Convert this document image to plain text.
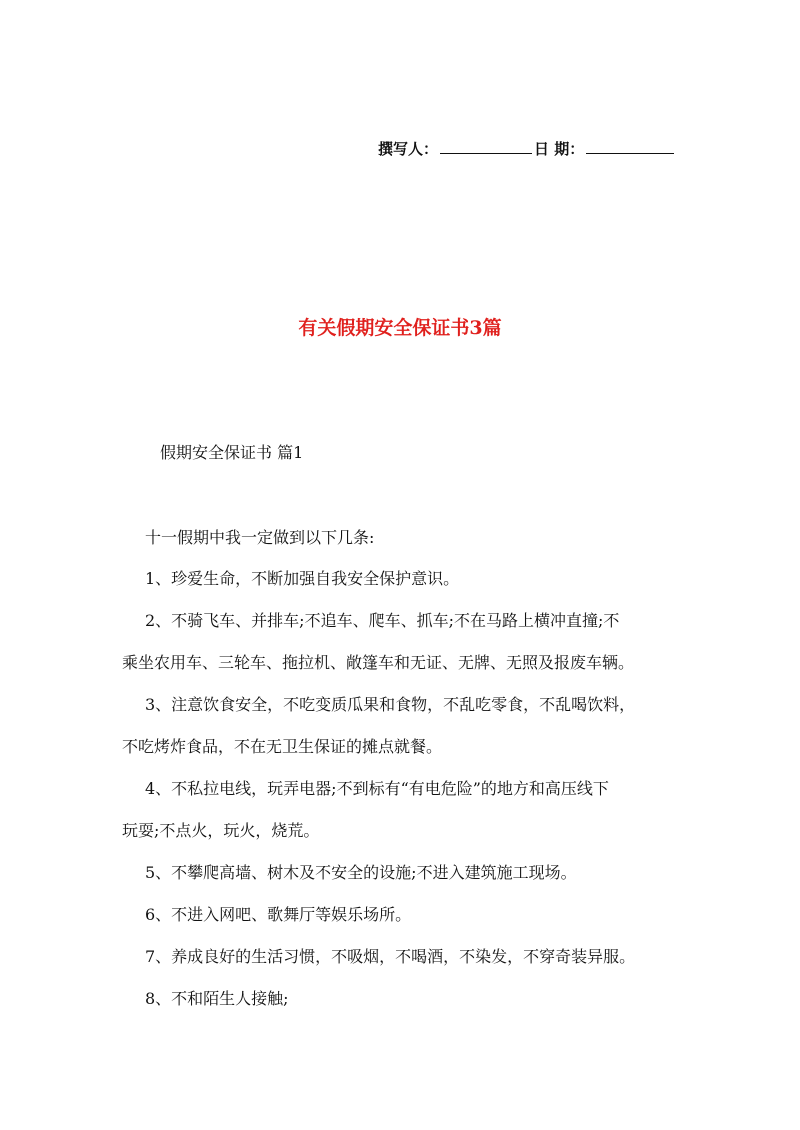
撰写人：	日 期：
有关假期安全保证书3篇
假期安全保证书 篇1
十一假期中我一定做到以下几条:
1、珍爱生命，不断加强自我安全保护意识。
2、不骑飞车、并排车;不追车、爬车、抓车;不在马路上横冲直撞;不
乘坐农用车、三轮车、拖拉机、敞篷车和无证、无牌、无照及报废车辆。
3、注意饮食安全，不吃变质瓜果和食物，不乱吃零食，不乱喝饮料，
不吃烤炸食品，不在无卫生保证的摊点就餐。
4、不私拉电线，玩弄电器;不到标有“有电危险”的地方和高压线下
玩耍;不点火，玩火，烧荒。
5、不攀爬高墙、树木及不安全的设施;不进入建筑施工现场。
6、不进入网吧、歌舞厅等娱乐场所。
7、养成良好的生活习惯，不吸烟，不喝酒，不染发，不穿奇装异服。
8、不和陌生人接触;
